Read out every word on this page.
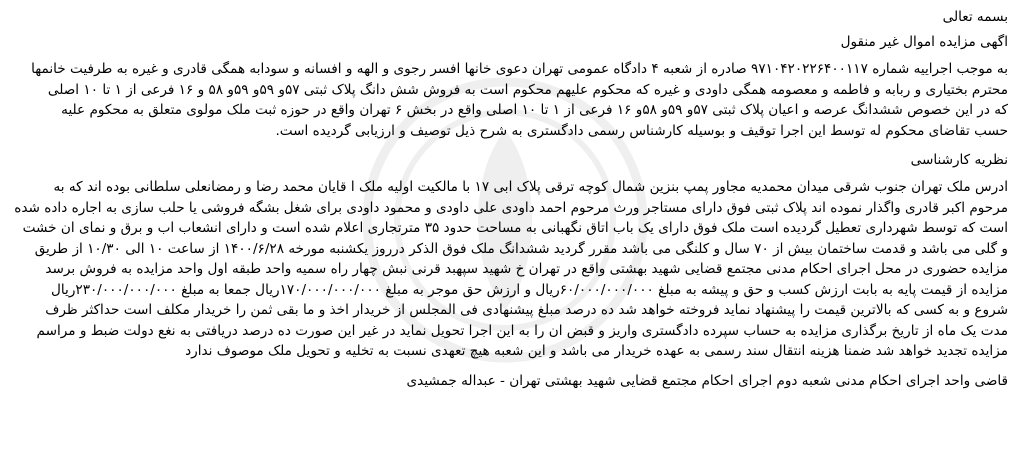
بسمه تعالی
اگهی مزایده اموال غیر منقول

به موجب اجراییه شماره ۹۷۱۰۴۲۰۲۲۶۴۰۰۱۱۷ صادره از شعبه ۴ دادگاه عمومی تهران دعوی خانها افسر رجوی و الهه و افسانه و سودابه همگی قادری و غیره به طرفیت خانمها

محترم بختیاری و ربابه و فاطمه و معصومه همگی داودی و غیره که محکوم علیهم محکوم است به فروش شش دانگ پلاک ثبتی ۵۷و ۵۹و ۵۹و ۵۸ و ۱۶ فرعی از ۱ تا ۱۰ اصلی

که در این خصوص ششدانگ عرصه و اعیان پلاک ثبتی ۵۷و ۵۹و ۵۸و ۱۶ فرعی از ۱ تا ۱۰ اصلی واقع در بخش ۶ تهران واقع در حوزه ثبت ملک مولوی متعلق به محکوم علیه

حسب تقاضای محکوم له توسط این اجرا توقیف و بوسیله کارشناس رسمی دادگستری به شرح ذیل توصیف و ارزیابی گردیده است.

نظریه کارشناسی

ادرس ملک تهران جنوب شرقی میدان محمدیه مجاور پمپ بنزین شمال کوچه ترقی پلاک ابی ۱۷ با مالکیت اولیه ملک ا قایان محمد رضا و رمضانعلی سلطانی بوده اند که به

مرحوم اکبر قادری واگذار نموده اند پلاک ثبتی فوق دارای مستاجر ورث مرحوم احمد داودی علی داودی و محمود داودی برای شغل بشگه فروشی یا حلب سازی به اجاره داده شده

است که توسط شهرداری تعطیل گردیده است ملک فوق دارای یک باب اتاق نگهبانی به مساحت حدود ۳۵ مترتجاری اعلام شده است و دارای انشعاب اب و برق و نمای ان خشت

و گلی می باشد و قدمت ساختمان بیش از ۷۰ سال و کلنگی می باشد مقرر گردید ششدانگ ملک فوق الذکر درروز یکشنبه مورخه ۱۴۰۰/۶/۲۸ از ساعت ۱۰ الی ۱۰/۳۰ از طریق

مزایده حضوری در محل اجرای احکام مدنی مجتمع قضایی شهید بهشتی واقع در تهران خ شهید سپهبد قرنی نبش چهار راه سمیه واحد طبقه اول واحد مزایده به فروش برسد

مزایده از قیمت پایه به بابت ارزش کسب و حق و پیشه به مبلغ ۶۰/۰۰۰/۰۰۰/۰۰۰ریال و ارزش حق موجر به مبلغ ۱۷۰/۰۰۰/۰۰۰/۰۰۰ریال جمعا به مبلغ ۲۳۰/۰۰۰/۰۰۰/۰۰۰ریال

شروع و به کسی که بالاترین قیمت را پیشنهاد نماید فروخته خواهد شد ده درصد مبلغ پیشنهادی فی المجلس از خریدار اخذ و ما بقی ثمن را خریدار مکلف است حداکثر ظرف

مدت یک ماه از تاریخ برگذاری مزایده به حساب سپرده دادگستری واریز و قبض ان را به این اجرا تحویل نماید در غیر این صورت ده درصد دریافتی به نغع دولت ضبط و مراسم

مزایده تجدید خواهد شد ضمنا هزینه انتقال سند رسمی به عهده خریدار می باشد و این شعبه هیچ تعهدی نسبت به تخلیه و تحویل ملک موصوف ندارد

قاضی واحد اجرای احکام مدنی شعبه دوم اجرای احکام مجتمع قضایی شهید بهشتی تهران - عبداله جمشیدی
